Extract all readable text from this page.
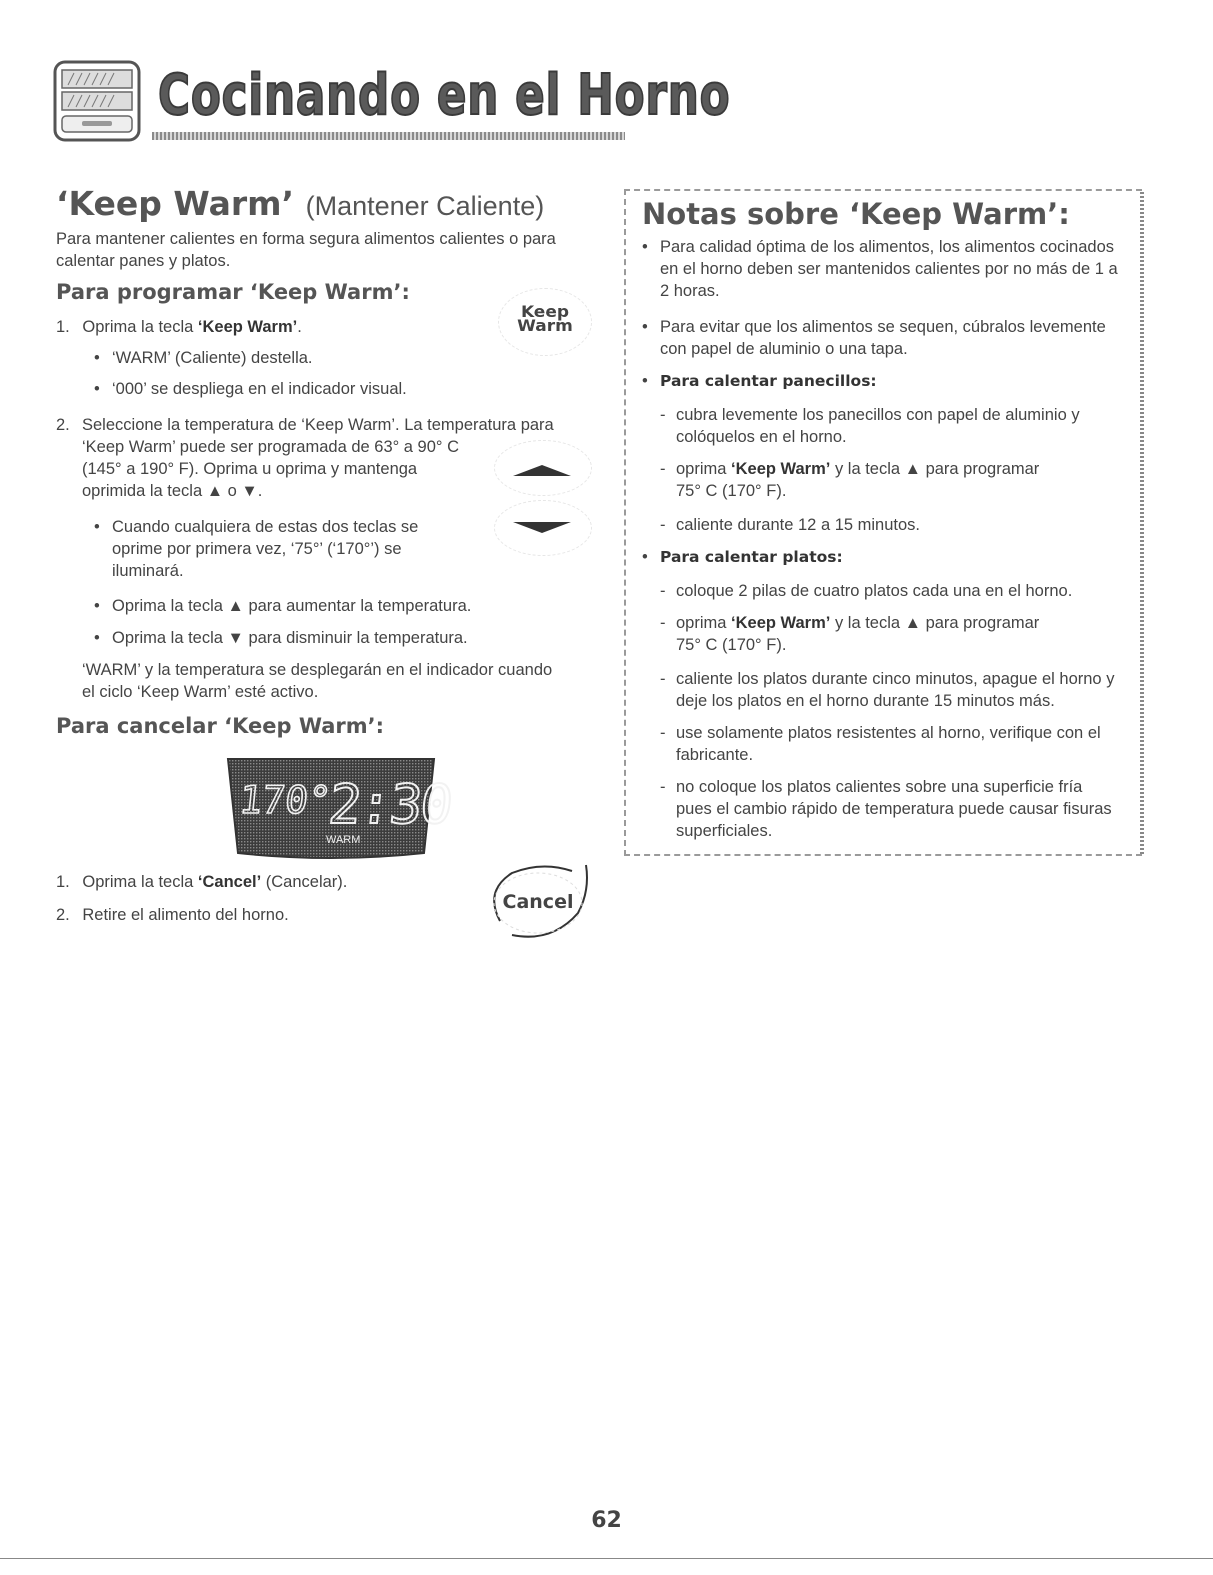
Cocinando en el Horno
‘Keep Warm’ (Mantener Caliente)
Para mantener calientes en forma segura alimentos calientes o para calentar panes y platos.
Para programar ‘Keep Warm’:
1. Oprima la tecla ‘Keep Warm’.
• ‘WARM’ (Caliente) destella.
• ‘000’ se despliega en el indicador visual.
2. Seleccione la temperatura de ‘Keep Warm’. La temperatura para
‘Keep Warm’ puede ser programada de 63° a 90° C
(145° a 190° F). Oprima u oprima y mantenga
oprimida la tecla ▲ o ▼.
• Cuando cualquiera de estas dos teclas se
oprime por primera vez, ‘75°’ (‘170°’) se
iluminará.
• Oprima la tecla ▲ para aumentar la temperatura.
• Oprima la tecla ▼ para disminuir la temperatura.
‘WARM’ y la temperatura se desplegarán en el indicador cuando
el ciclo ‘Keep Warm’ esté activo.
Para cancelar ‘Keep Warm’:
Keep
Warm
170°
2:30
WARM
1. Oprima la tecla ‘Cancel’ (Cancelar).
2. Retire el alimento del horno.
Cancel
Notas sobre ‘Keep Warm’:
• Para calidad óptima de los alimentos, los alimentos cocinados
en el horno deben ser mantenidos calientes por no más de 1 a
2 horas.
• Para evitar que los alimentos se sequen, cúbralos levemente
con papel de aluminio o una tapa.
• Para calentar panecillos:
- cubra levemente los panecillos con papel de aluminio y
colóquelos en el horno.
- oprima ‘Keep Warm’ y la tecla ▲ para programar
75° C (170° F).
- caliente durante 12 a 15 minutos.
• Para calentar platos:
- coloque 2 pilas de cuatro platos cada una en el horno.
- oprima ‘Keep Warm’ y la tecla ▲ para programar
75° C (170° F).
- caliente los platos durante cinco minutos, apague el horno y
deje los platos en el horno durante 15 minutos más.
- use solamente platos resistentes al horno, verifique con el
fabricante.
- no coloque los platos calientes sobre una superficie fría
pues el cambio rápido de temperatura puede causar fisuras
superficiales.
62
